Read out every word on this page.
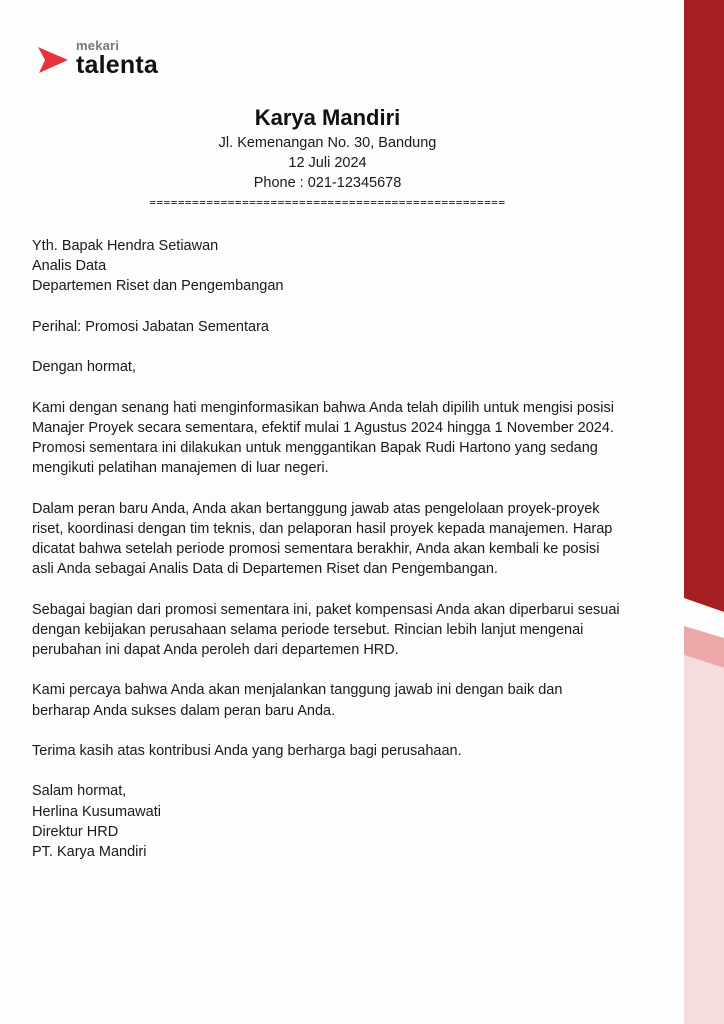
mekari
talenta
Karya Mandiri
Jl. Kemenangan No. 30, Bandung
12 Juli 2024
Phone : 021-12345678
==================================================

Yth. Bapak Hendra Setiawan
Analis Data
Departemen Riset dan Pengembangan

Perihal: Promosi Jabatan Sementara

Dengan hormat,

Kami dengan senang hati menginformasikan bahwa Anda telah dipilih untuk mengisi posisi Manajer Proyek secara sementara, efektif mulai 1 Agustus 2024 hingga 1 November 2024. Promosi sementara ini dilakukan untuk menggantikan Bapak Rudi Hartono yang sedang mengikuti pelatihan manajemen di luar negeri.

Dalam peran baru Anda, Anda akan bertanggung jawab atas pengelolaan proyek-proyek riset, koordinasi dengan tim teknis, dan pelaporan hasil proyek kepada manajemen. Harap dicatat bahwa setelah periode promosi sementara berakhir, Anda akan kembali ke posisi asli Anda sebagai Analis Data di Departemen Riset dan Pengembangan.

Sebagai bagian dari promosi sementara ini, paket kompensasi Anda akan diperbarui sesuai dengan kebijakan perusahaan selama periode tersebut. Rincian lebih lanjut mengenai perubahan ini dapat Anda peroleh dari departemen HRD.

Kami percaya bahwa Anda akan menjalankan tanggung jawab ini dengan baik dan berharap Anda sukses dalam peran baru Anda.

Terima kasih atas kontribusi Anda yang berharga bagi perusahaan.

Salam hormat,
Herlina Kusumawati
Direktur HRD
PT. Karya Mandiri
